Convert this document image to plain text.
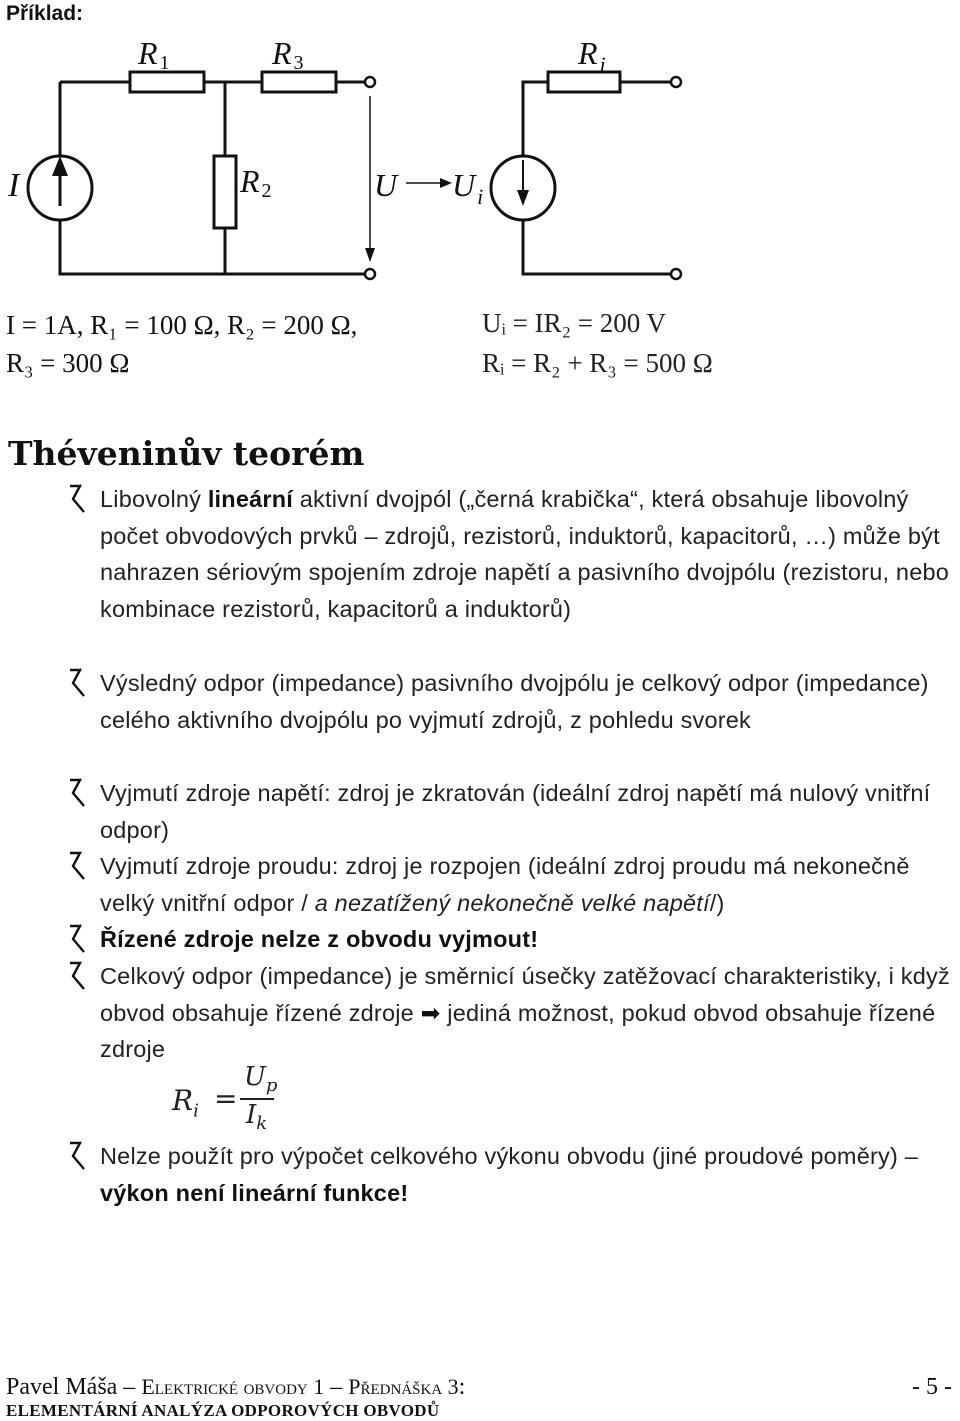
Příklad:
R 1	R 3	$R_i$
R 2
I	U $U_i$
I = 1A, R₁ = 100 Ω, R₂ = 200 Ω,
R₃ = 300 Ω
Uᵢ = IR₂ = 200 V
Rᵢ = R₂ + R₃ = 500 Ω
Théveninův teorém
Libovolný lineární aktivní dvojpól („černá krabička“, která obsahuje libovolný počet obvodových prvků – zdrojů, rezistorů, induktorů, kapacitorů, …) může být nahrazen sériovým spojením zdroje napětí a pasivního dvojpólu (rezistoru, nebo kombinace rezistorů, kapacitorů a induktorů)
Výsledný odpor (impedance) pasivního dvojpólu je celkový odpor (impedance) celého aktivního dvojpólu po vyjmutí zdrojů, z pohledu svorek
Vyjmutí zdroje napětí: zdroj je zkratován (ideální zdroj napětí má nulový vnitřní odpor)
Vyjmutí zdroje proudu: zdroj je rozpojen (ideální zdroj proudu má nekonečně velký vnitřní odpor / a nezatížený nekonečně velké napětí/)
Řízené zdroje nelze z obvodu vyjmout!
Celkový odpor (impedance) je směrnicí úsečky zatěžovací charakteristiky, i když obvod obsahuje řízené zdroje ➡ jediná možnost, pokud obvod obsahuje řízené zdroje
$R_i$ =
$U_p$
$I_k$
Nelze použít pro výpočet celkového výkonu obvodu (jiné proudové poměry) – výkon není lineární funkce!
Pavel Máša – Elektrické obvody 1 – Přednáška 3:
ELEMENTÁRNÍ ANALÝZA ODPOROVÝCH OBVODŮ
- 5 -
